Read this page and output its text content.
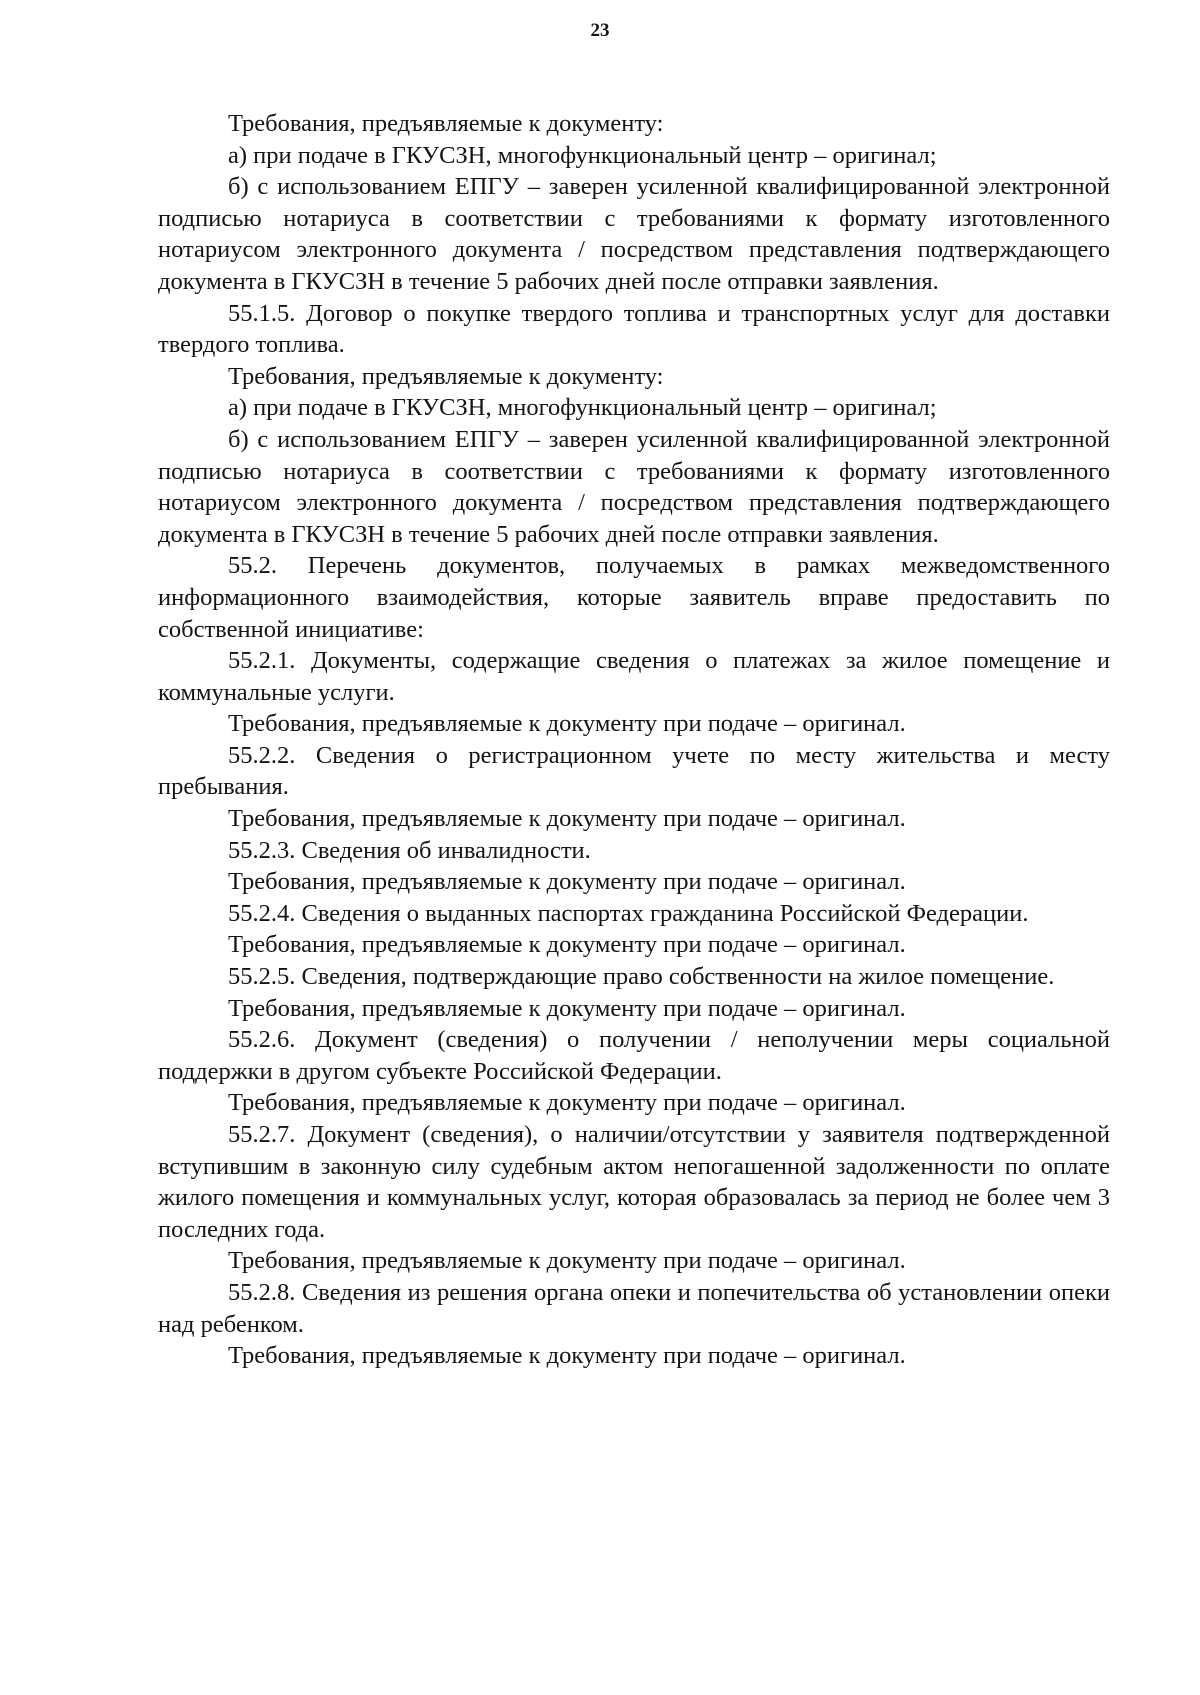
23

Требования, предъявляемые к документу:

а) при подаче в ГКУСЗН, многофункциональный центр – оригинал;

б) с использованием ЕПГУ – заверен усиленной квалифицированной электронной подписью нотариуса в соответствии с требованиями к формату изготовленного нотариусом электронного документа / посредством представления подтверждающего документа в ГКУСЗН в течение 5 рабочих дней после отправки заявления.

55.1.5. Договор о покупке твердого топлива и транспортных услуг для доставки твердого топлива.

Требования, предъявляемые к документу:

а) при подаче в ГКУСЗН, многофункциональный центр – оригинал;

б) с использованием ЕПГУ – заверен усиленной квалифицированной электронной подписью нотариуса в соответствии с требованиями к формату изготовленного нотариусом электронного документа / посредством представления подтверждающего документа в ГКУСЗН в течение 5 рабочих дней после отправки заявления.

55.2. Перечень документов, получаемых в рамках межведомственного информационного взаимодействия, которые заявитель вправе предоставить по собственной инициативе:

55.2.1. Документы, содержащие сведения о платежах за жилое помещение и коммунальные услуги.

Требования, предъявляемые к документу при подаче – оригинал.

55.2.2. Сведения о регистрационном учете по месту жительства и месту пребывания.

Требования, предъявляемые к документу при подаче – оригинал.

55.2.3. Сведения об инвалидности.

Требования, предъявляемые к документу при подаче – оригинал.

55.2.4. Сведения о выданных паспортах гражданина Российской Федерации.

Требования, предъявляемые к документу при подаче – оригинал.

55.2.5. Сведения, подтверждающие право собственности на жилое помещение.

Требования, предъявляемые к документу при подаче – оригинал.

55.2.6. Документ (сведения) о получении / неполучении меры социальной поддержки в другом субъекте Российской Федерации.

Требования, предъявляемые к документу при подаче – оригинал.

55.2.7. Документ (сведения), о наличии/отсутствии у заявителя подтвержденной вступившим в законную силу судебным актом непогашенной задолженности по оплате жилого помещения и коммунальных услуг, которая образовалась за период не более чем 3 последних года.

Требования, предъявляемые к документу при подаче – оригинал.

55.2.8. Сведения из решения органа опеки и попечительства об установлении опеки над ребенком.

Требования, предъявляемые к документу при подаче – оригинал.
